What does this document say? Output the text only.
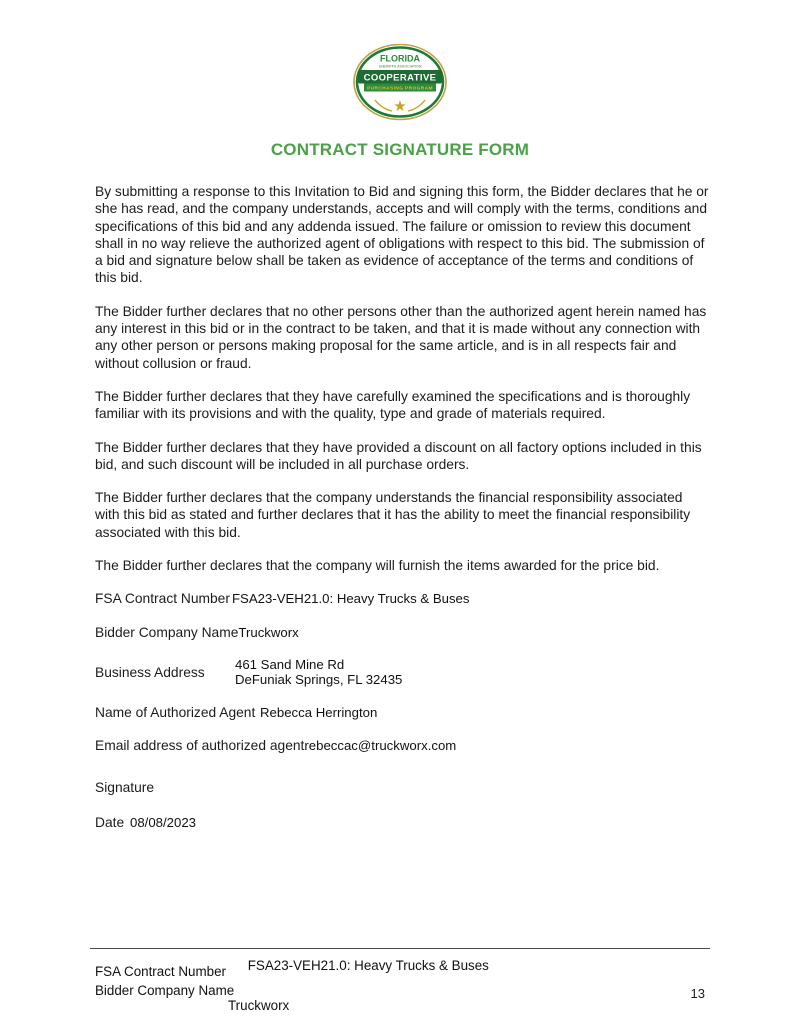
FLORIDA
SHERIFFS ASSOCIATION
COOPERATIVE
PURCHASING PROGRAM
★
CONTRACT SIGNATURE FORM

By submitting a response to this Invitation to Bid and signing this form, the Bidder declares that he or she has read, and the company understands, accepts and will comply with the terms, conditions and specifications of this bid and any addenda issued. The failure or omission to review this document shall in no way relieve the authorized agent of obligations with respect to this bid. The submission of a bid and signature below shall be taken as evidence of acceptance of the terms and conditions of this bid.

The Bidder further declares that no other persons other than the authorized agent herein named has any interest in this bid or in the contract to be taken, and that it is made without any connection with any other person or persons making proposal for the same article, and is in all respects fair and without collusion or fraud.

The Bidder further declares that they have carefully examined the specifications and is thoroughly familiar with its provisions and with the quality, type and grade of materials required.

The Bidder further declares that they have provided a discount on all factory options included in this bid, and such discount will be included in all purchase orders.

The Bidder further declares that the company understands the financial responsibility associated with this bid as stated and further declares that it has the ability to meet the financial responsibility associated with this bid.

The Bidder further declares that the company will furnish the items awarded for the price bid.

FSA Contract Number FSA23-VEH21.0: Heavy Trucks & Buses
Bidder Company Name Truckworx
Business Address
461 Sand Mine Rd
DeFuniak Springs, FL 32435
Name of Authorized Agent Rebecca Herrington
Email address of authorized agent rebeccac@truckworx.com
Signature
Date 08/08/2023
FSA Contract Number FSA23-VEH21.0: Heavy Trucks & Buses
Bidder Company Name
Truckworx
13
